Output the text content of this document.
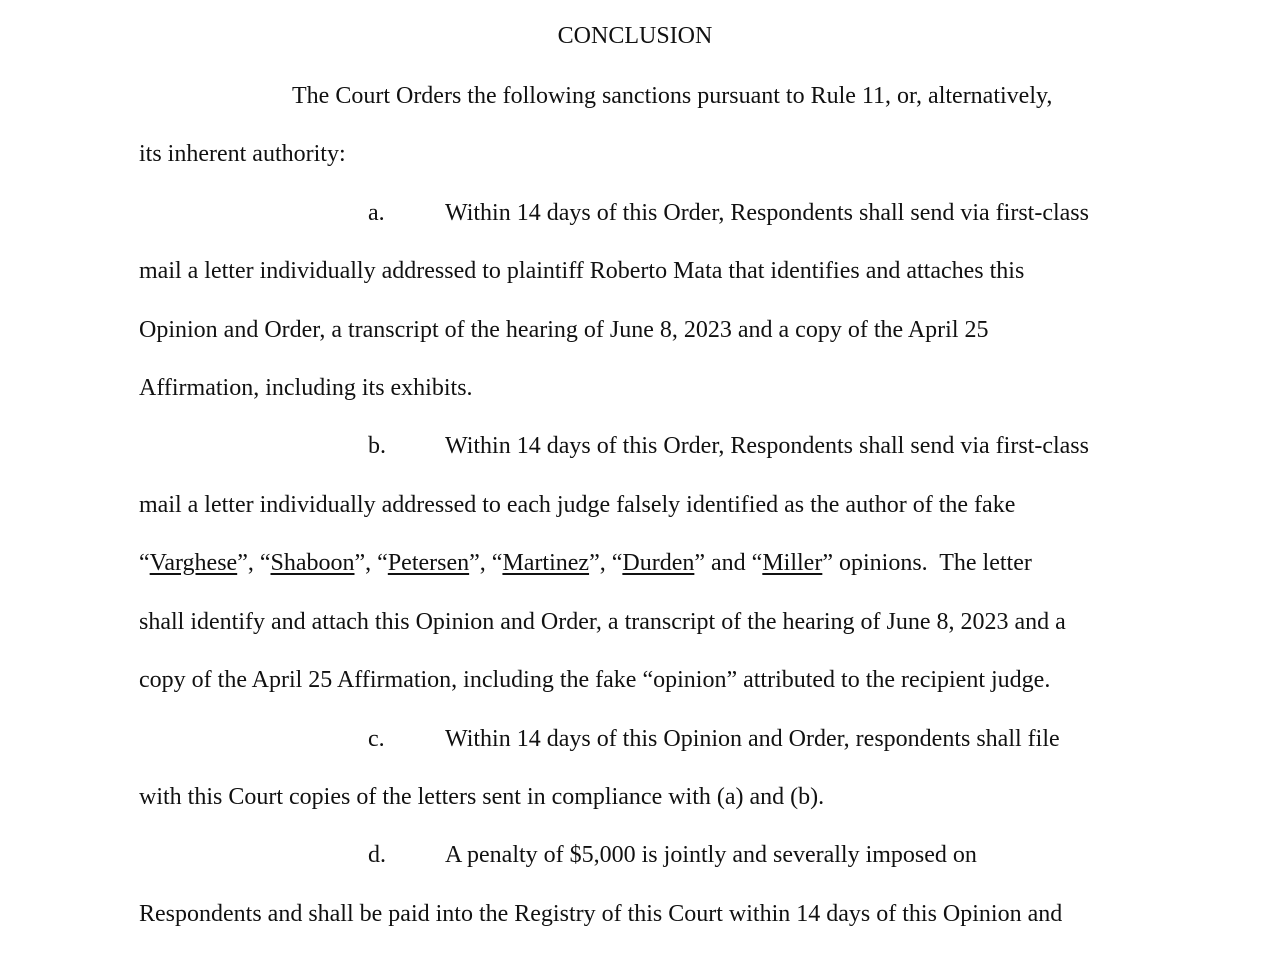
CONCLUSION
The Court Orders the following sanctions pursuant to Rule 11, or, alternatively,
its inherent authority:
a.	Within 14 days of this Order, Respondents shall send via first-class
mail a letter individually addressed to plaintiff Roberto Mata that identifies and attaches this
Opinion and Order, a transcript of the hearing of June 8, 2023 and a copy of the April 25
Affirmation, including its exhibits.
b. Within 14 days of this Order, Respondents shall send via first-class
mail a letter individually addressed to each judge falsely identified as the author of the fake
“Varghese”, “Shaboon”, “Petersen”, “Martinez”, “Durden” and “Miller” opinions.  The letter
shall identify and attach this Opinion and Order, a transcript of the hearing of June 8, 2023 and a
copy of the April 25 Affirmation, including the fake “opinion” attributed to the recipient judge.
c.	Within 14 days of this Opinion and Order, respondents shall file
with this Court copies of the letters sent in compliance with (a) and (b).
d. A penalty of $5,000 is jointly and severally imposed on
Respondents and shall be paid into the Registry of this Court within 14 days of this Opinion and
